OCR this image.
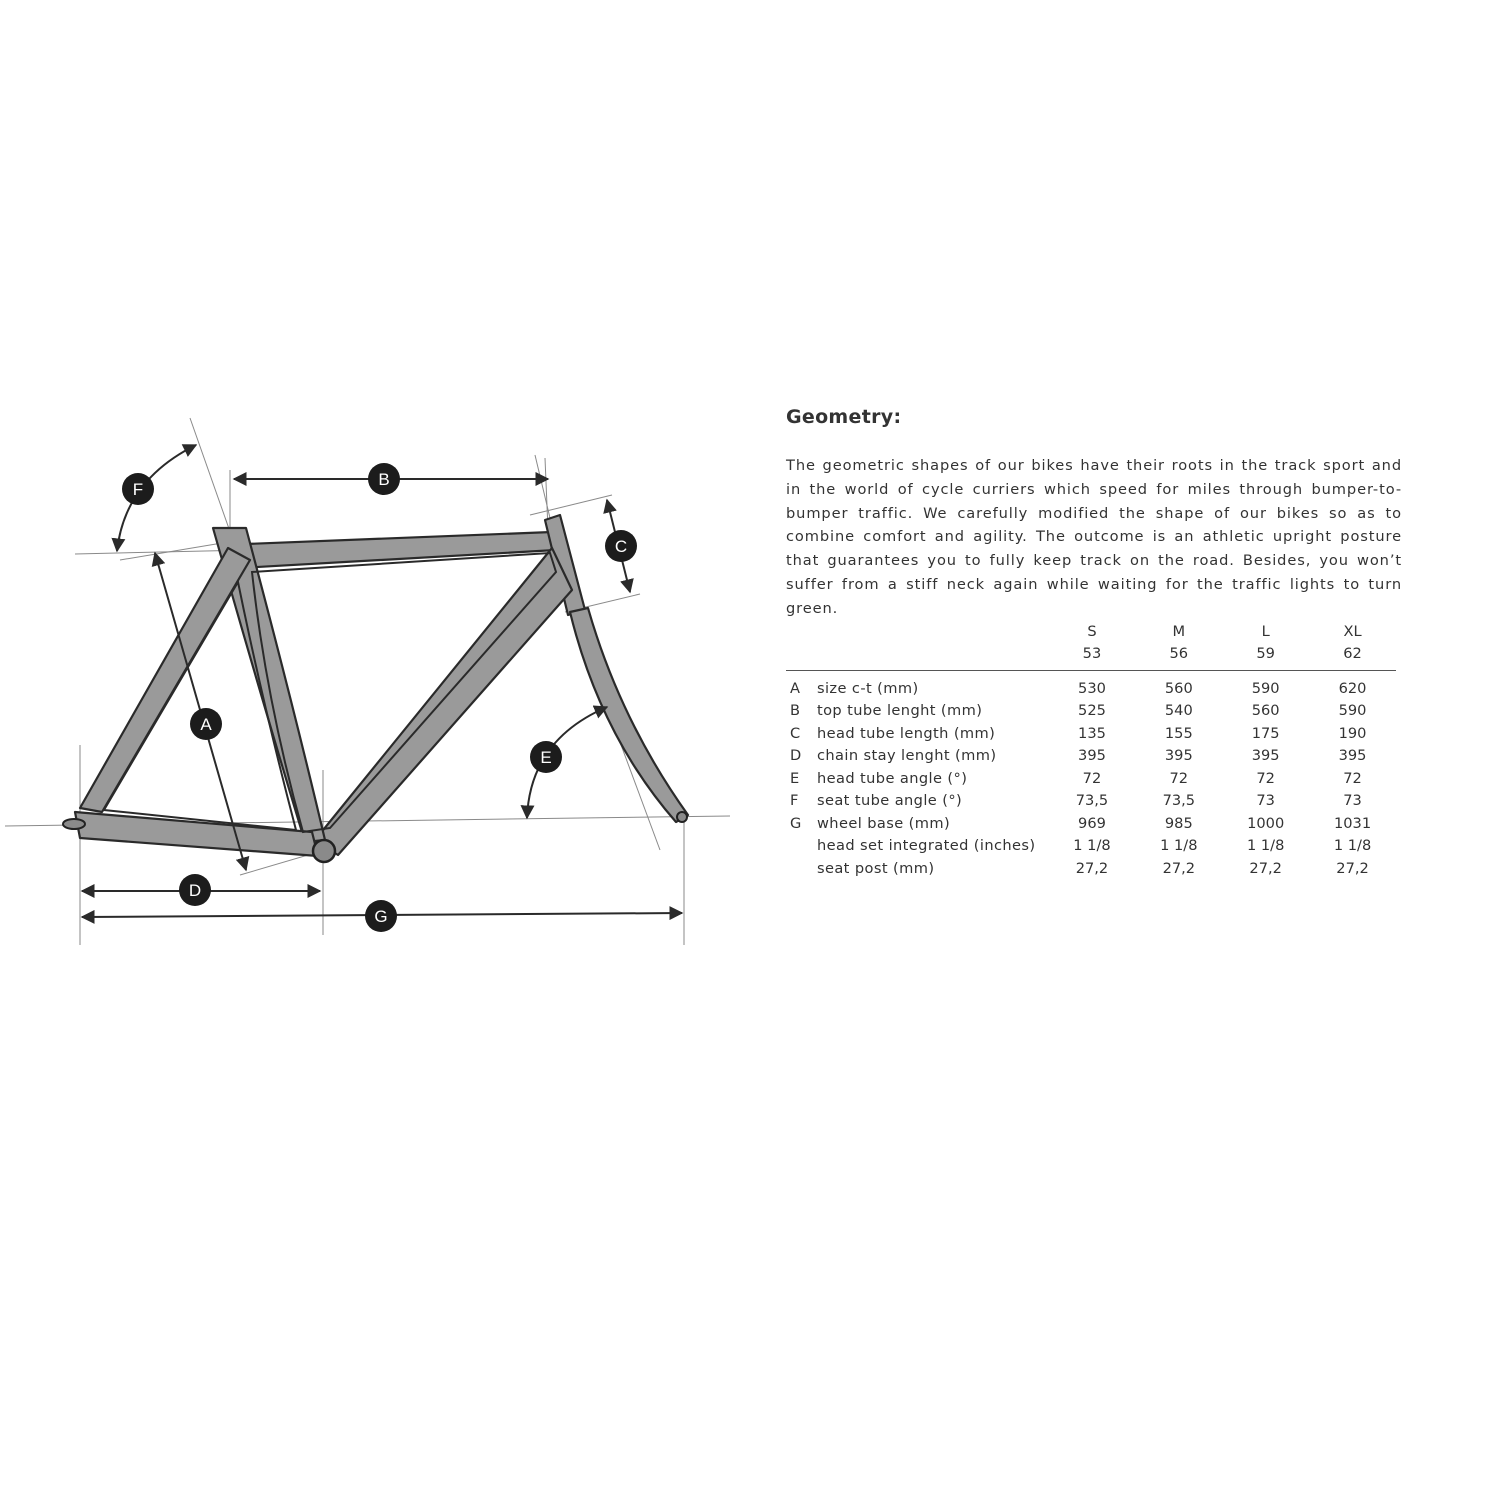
F
B
C
A
E
D
G
Geometry:

The geometric shapes of our bikes have their roots in the track sport and in the world of cycle curriers which speed for miles through bumper-to-bumper traffic. We carefully modified the shape of our bikes so as to combine comfort and agility. The outcome is an athletic upright posture that guarantees you to fully keep track on the road. Besides, you won’t suffer from a stiff neck again while waiting for the traffic lights to turn green.

		S	M	L	XL
		53	56	59	62

A	size c-t (mm)	530	560	590	620
B	top tube lenght (mm)	525	540	560	590
C	head tube length (mm)	135	155	175	190
D	chain stay lenght (mm)	395	395	395	395
E	head tube angle (°)	72	72	72	72
F	seat tube angle (°)	73,5	73,5	73	73
G	wheel base (mm)	969	985	1000	1031
	head set integrated (inches)	1 1/8	1 1/8	1 1/8	1 1/8
	seat post (mm)	27,2	27,2	27,2	27,2
